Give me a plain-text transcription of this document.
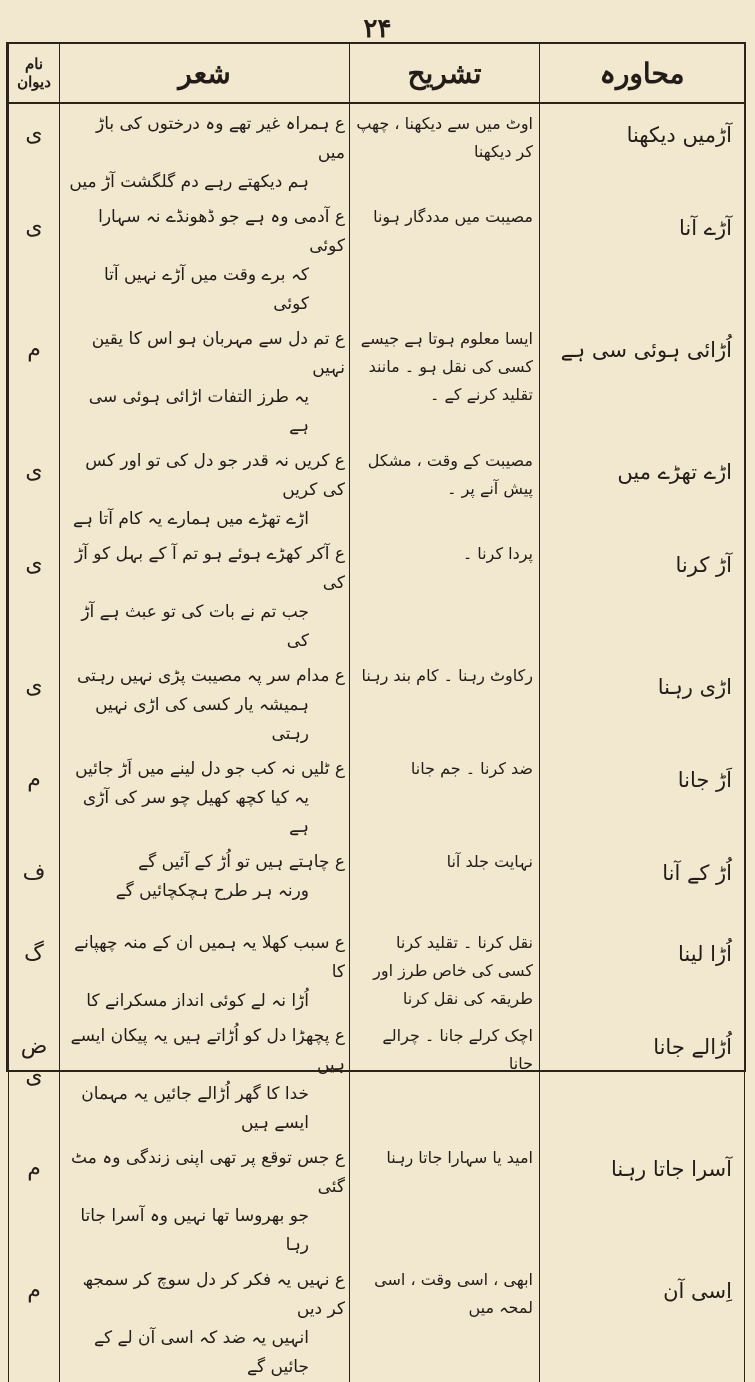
۲۴
محاورہ	تشریح	شعر	نام دیوان
آڑمیں دیکھنا	اوٹ میں سے دیکھنا ، چھپ کر دیکھنا	ع ہمراہ غیر تھے وہ درختوں کی باڑ میں
ہم دیکھتے رہے دم گلگشت آڑ میں	ی
آڑے آنا	مصیبت میں مددگار ہونا	ع آدمی وہ ہے جو ڈھونڈے نہ سہارا کوئی
کہ برے وقت میں آڑے نہیں آتا کوئی	ی
اُڑائی ہوئی سی ہے	ایسا معلوم ہوتا ہے جیسے کسی کی نقل ہو ۔ مانند تقلید کرنے کے ۔	ع تم دل سے مہربان ہو اس کا یقین نہیں
یہ طرز التفات اڑائی ہوئی سی ہے	م
اڑے تھڑے میں	مصیبت کے وقت ، مشکل پیش آنے پر ۔	ع کریں نہ قدر جو دل کی تو اور کس کی کریں
اڑے تھڑے میں ہمارے یہ کام آتا ہے	ی
آڑ کرنا	پردا کرنا ۔	ع آکر کھڑے ہوئے ہو تم آ کے بہل کو آڑ کی
جب تم نے بات کی تو عبث ہے آڑ کی	ی
اڑی رہنا	رکاوٹ رہنا ۔ کام بند رہنا	ع مدام سر پہ مصیبت پڑی نہیں رہتی
ہمیشہ یار کسی کی اڑی نہیں رہتی	ی
اَڑ جانا	ضد کرنا ۔ جم جانا	ع ٹلیں نہ کب جو دل لینے میں اَڑ جائیں
یہ کیا کچھ کھیل چو سر کی آڑی ہے	م
اُڑ کے آنا	نہایت جلد آنا	ع چاہتے ہیں تو اُڑ کے آئیں گے
ورنہ ہر طرح ہچکچائیں گے	ف
اُڑا لینا	نقل کرنا ۔ تقلید کرنا کسی کی خاص طرز اور طریقہ کی نقل کرنا	ع سبب کھلا یہ ہمیں ان کے منہ چھپانے کا
اُڑا نہ لے کوئی انداز مسکرانے کا	گ
اُڑالے جانا	اچک کرلے جانا ۔ چرالے جانا	ع پچھڑا دل کو اُڑاتے ہیں یہ پیکان ایسے ہیں
خدا کا گھر اُڑالے جائیں یہ مہمان ایسے ہیں	ض ی
آسرا جاتا رہنا	امید یا سہارا جاتا رہنا	ع جس توقع پر تھی اپنی زندگی وہ مٹ گئی
جو بھروسا تھا نہیں وہ آسرا جاتا رہا	م
اِسی آن	ابھی ، اسی وقت ، اسی لمحہ میں	ع نہیں یہ فکر کر دل سوچ کر سمجھ کر دیں
انہیں یہ ضد کہ اسی آن لے کے جائیں گے	م
